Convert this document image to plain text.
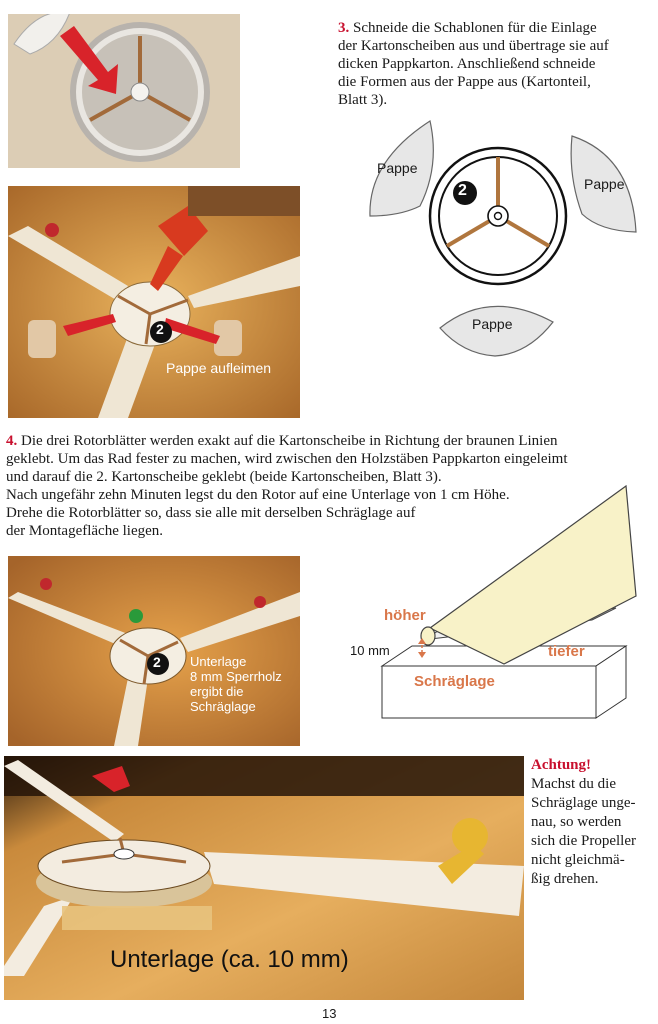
3. Schneide die Schablonen für die Einlage
der Kartonscheiben aus und übertrage sie auf
dicken Pappkarton. Anschließend schneide
die Formen aus der Pappe aus (Kartonteil,
Blatt 3).
2
Pappe
Pappe
Pappe
2
Pappe aufleimen
4. Die drei Rotorblätter werden exakt auf die Kartonscheibe in Richtung der braunen Linien
geklebt. Um das Rad fester zu machen, wird zwischen den Holzstäben Pappkarton eingeleimt
und darauf die 2. Kartonscheibe geklebt (beide Kartonscheiben, Blatt 3).
Nach ungefähr zehn Minuten legst du den Rotor auf eine Unterlage von 1 cm Höhe.
Drehe die Rotorblätter so, dass sie alle mit derselben Schräglage auf
der Montagefläche liegen.
2 Unterlage
8 mm Sperrholz
ergibt die
Schräglage
höher
10 mm	tiefer
Schräglage
Unterlage (ca. 10 mm)
Achtung!
Machst du die
Schräglage unge-
nau, so werden
sich die Propeller
nicht gleichmä-
ßig drehen.
13
